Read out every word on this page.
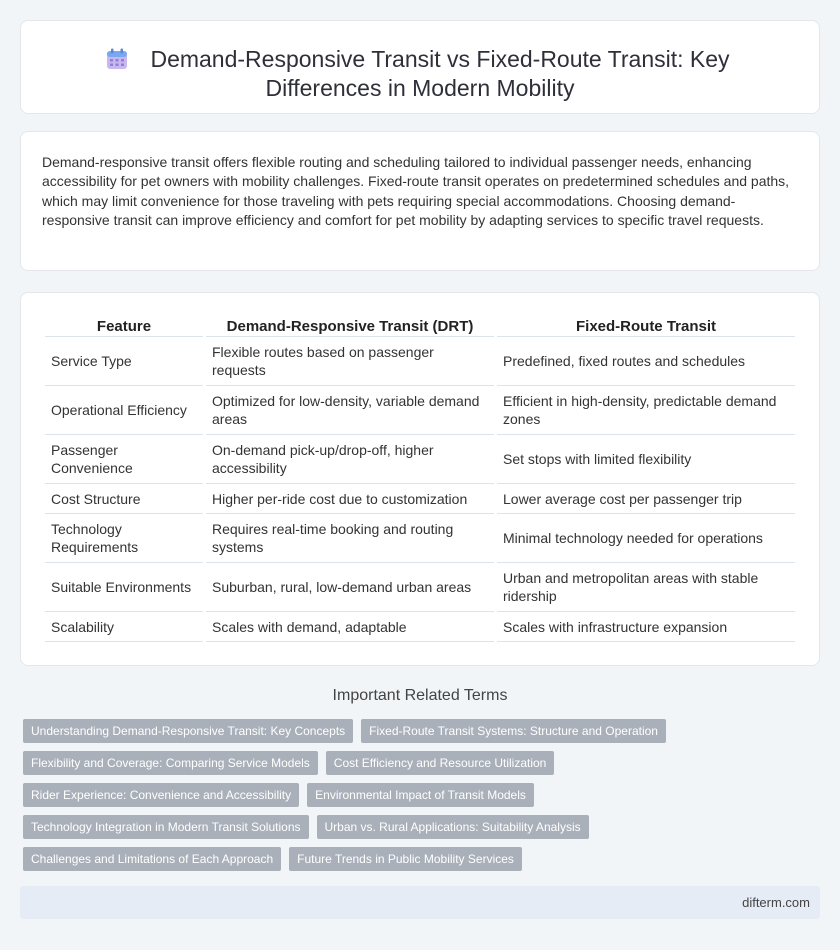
Demand-Responsive Transit vs Fixed-Route Transit: Key
Differences in Modern Mobility

Demand-responsive transit offers flexible routing and scheduling tailored to individual passenger needs, enhancing accessibility for pet owners with mobility challenges. Fixed-route transit operates on predetermined schedules and paths, which may limit convenience for those traveling with pets requiring special accommodations. Choosing demand-responsive transit can improve efficiency and comfort for pet mobility by adapting services to specific travel requests.

Feature	Demand-Responsive Transit (DRT)	Fixed-Route Transit
Service Type	Flexible routes based on passenger requests	Predefined, fixed routes and schedules
Operational Efficiency	Optimized for low-density, variable demand areas	Efficient in high-density, predictable demand zones
Passenger Convenience	On-demand pick-up/drop-off, higher accessibility	Set stops with limited flexibility
Cost Structure	Higher per-ride cost due to customization	Lower average cost per passenger trip
Technology Requirements	Requires real-time booking and routing systems	Minimal technology needed for operations
Suitable Environments	Suburban, rural, low-demand urban areas	Urban and metropolitan areas with stable ridership
Scalability	Scales with demand, adaptable	Scales with infrastructure expansion
Important Related Terms
Understanding Demand-Responsive Transit: Key Concepts	Fixed-Route Transit Systems: Structure and Operation
Flexibility and Coverage: Comparing Service Models	Cost Efficiency and Resource Utilization
Rider Experience: Convenience and Accessibility	Environmental Impact of Transit Models
Technology Integration in Modern Transit Solutions	Urban vs. Rural Applications: Suitability Analysis
Challenges and Limitations of Each Approach	Future Trends in Public Mobility Services
difterm.com
